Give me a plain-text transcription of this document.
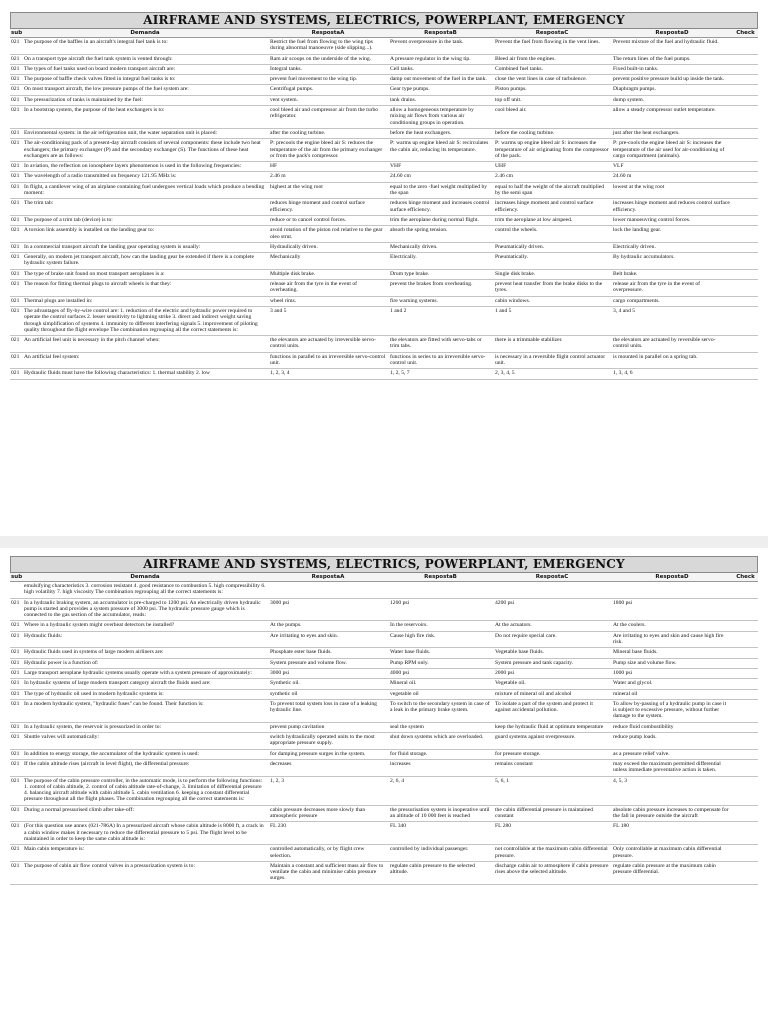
AIRFRAME AND SYSTEMS, ELECTRICS, POWERPLANT, EMERGENCY
sub	Demanda	RespostaA	RespostaB	RespostaC	RespostaD	Check
021	The purpose of the baffles in an aircraft's integral fuel tank is to:	Restrict the fuel from flowing to the wing tips during abnormal manoeuvre (side slipping...).	Prevent overpressure in the tank.	Prevent the fuel from flowing in the vent lines.	Prevent mixture of the fuel and hydraulic fluid.	
021	On a transport type aircraft the fuel tank system is vented through:	Ram air scoops on the underside of the wing.	A pressure regulator in the wing tip.	Bleed air from the engines.	The return lines of the fuel pumps.	
021	The types of fuel tanks used on board modern transport aircraft are:	Integral tanks.	Cell tanks.	Combined fuel tanks.	Fixed built-in tanks.	
021	The purpose of baffle check valves fitted in integral fuel tanks is to:	prevent fuel movement to the wing tip.	damp out movement of the fuel in the tank.	close the vent lines in case of turbulence.	prevent positive pressure build up inside the tank.	
021	On most transport aircraft, the low pressure pumps of the fuel system are:	Centrifugal pumps.	Gear type pumps.	Piston pumps.	Diaphragm pumps.	
021	The pressurization of tanks is maintained by the fuel:	vent system.	tank drains.	top off unit.	dump system.	
021	In a bootstrap system, the purpose of the heat exchangers is to:	cool bleed air and compressor air from the turbo refrigerator.	allow a homogeneous temperature by mixing air flows from various air conditioning groups in operation.	cool bleed air.	allow a steady compressor outlet temperature.	
021	Environmental system: in the air refrigeration unit, the water separation unit is placed:	after the cooling turbine.	before the heat exchangers.	before the cooling turbine.	just after the heat exchangers.	
021	The air-conditioning pack of a present-day aircraft consists of several components: these include two heat exchangers; the primary exchanger (P) and the secondary exchanger (S). The functions of these heat exchangers are as follows:	P: precools the engine bleed air S: reduces the temperature of the air from the primary exchanger or from the pack's compressor.	P: warms up engine bleed air S: recirculates the cabin air, reducing its temperature.	P: warms up engine bleed air S: increases the temperature of air originating from the compressor of the pack.	P: pre-cools the engine bleed air S: increases the temperature of the air used for air-conditioning of cargo compartment (animals).	
021	In aviation, the reflection on ionosphere layers phenomenon is used in the following frequencies:	HF	VHF	UHF	VLF	
021	The wavelength of a radio transmitted on frequency 121.95 MHz is:	2.46 m	24.60 cm	2.46 cm	24.60 m	
021	In flight, a cantilever wing of an airplane containing fuel undergoes vertical loads which produce a bending moment:	highest at the wing root	equal to the zero -fuel weight multiplied by the span	equal to half the weight of the aircraft multiplied by the semi span	lowest at the wing root	
021	The trim tab:	reduces hinge moment and control surface efficiency.	reduces hinge moment and increases control surface efficiency.	increases hinge moment and control surface efficiency.	increases hinge moment and reduces control surface efficiency.	
021	The purpose of a trim tab (device) is to:	reduce or to cancel control forces.	trim the aeroplane during normal flight.	trim the aeroplane at low airspeed.	lower manoeuvring control forces.	
021	A torsion link assembly is installed on the landing gear to:	avoid rotation of the piston rod relative to the gear oleo strut.	absorb the spring tension.	control the wheels.	lock the landing gear.	
021	In a commercial transport aircraft the landing gear operating system is usually:	Hydraulically driven.	Mechanically driven.	Pneumatically driven.	Electrically driven.	
021	Generally, on modern jet transport aircraft, how can the landing gear be extended if there is a complete hydraulic system failure.	Mechanically	Electrically.	Pneumatically.	By hydraulic accumulators.	
021	The type of brake unit found on most transport aeroplanes is a:	Multiple disk brake.	Drum type brake.	Single disk brake.	Belt brake.	
021	The reason for fitting thermal plugs to aircraft wheels is that they:	release air from the tyre in the event of overheating.	prevent the brakes from overheating.	prevent heat transfer from the brake disks to the tyres.	release air from the tyre in the event of overpressure.	
021	Thermal plugs are installed in:	wheel rims.	fire warning systems.	cabin windows.	cargo compartments.	
021	The advantages of fly-by-wire control are: 1. reduction of the electric and hydraulic power required to operate the control surfaces 2. lesser sensitivity to lightning strike 3. direct and indirect weight saving through simplification of systems 4. immunity to different interfering signals 5. improvement of piloting quality throughout the flight envelope The combination regrouping all the correct statements is:	3 and 5	1 and 2	1 and 5	3, 4 and 5	
021	An artificial feel unit is necessary in the pitch channel when:	the elevators are actuated by irreversible servo-control units.	the elevators are fitted with servo-tabs or trim tabs.	there is a trimmable stabilizer.	the elevators are actuated by reversible servo-control units.	
021	An artificial feel system:	functions in parallel to an irreversible servo-control unit.	functions in series to an irreversible servo-control unit.	is necessary in a reversible flight control actuator unit.	is mounted in parallel on a spring tab.	
021	Hydraulic fluids must have the following characteristics: 1. thermal stability 2. low	1, 2, 3, 4	1, 2, 5, 7	2, 3, 4, 5	1, 3, 4, 6	
AIRFRAME AND SYSTEMS, ELECTRICS, POWERPLANT, EMERGENCY
sub	Demanda	RespostaA	RespostaB	RespostaC	RespostaD	Check
	emulsifying characteristics 3. corrosion resistant 4. good resistance to combustion 5. high compressibility 6. high volatility 7. high viscosity The combination regrouping all the correct statements is:					
021	In a hydraulic braking system, an accumulator is pre-charged to 1200 psi. An electrically driven hydraulic pump is started and provides a system pressure of 3000 psi. The hydraulic pressure gauge which is connected to the gas section of the accumulator, reads:	3000 psi	1200 psi	4200 psi	1800 psi	
021	Where in a hydraulic system might overheat detectors be installed?	At the pumps.	In the reservoirs.	At the actuators.	At the coolers.	
021	Hydraulic fluids:	Are irritating to eyes and skin.	Cause high fire risk.	Do not require special care.	Are irritating to eyes and skin and cause high fire risk.	
021	Hydraulic fluids used in systems of large modern airliners are:	Phosphate ester base fluids.	Water base fluids.	Vegetable base fluids.	Mineral base fluids.	
021	Hydraulic power is a function of:	System pressure and volume flow.	Pump RPM only.	System pressure and tank capacity.	Pump size and volume flow.	
021	Large transport aeroplane hydraulic systems usually operate with a system pressure of approximately:	3000 psi	4000 psi	2000 psi	1000 psi	
021	In hydraulic systems of large modern transport category aircraft the fluids used are:	Synthetic oil.	Mineral oil.	Vegetable oil.	Water and glycol.	
021	The type of hydraulic oil used in modern hydraulic systems is:	synthetic oil	vegetable oil	mixture of mineral oil and alcohol	mineral oil	
021	In a modern hydraulic system, "hydraulic fuses" can be found. Their function is:	To prevent total system loss in case of a leaking hydraulic line.	To switch to the secondary system in case of a leak in the primary brake system.	To isolate a part of the system and protect it against accidental pollution.	To allow by-passing of a hydraulic pump in case it is subject to excessive pressure, without further damage to the system.	
021	In a hydraulic system, the reservoir is pressurized in order to:	prevent pump cavitation	seal the system	keep the hydraulic fluid at optimum temperature	reduce fluid combustibility	
021	Shuttle valves will automatically:	switch hydraulically operated units to the most appropriate pressure supply.	shut down systems which are overloaded.	guard systems against overpressure.	reduce pump loads.	
021	In addition to energy storage, the accumulator of the hydraulic system is used:	for damping pressure surges in the system.	for fluid storage.	for pressure storage.	as a pressure relief valve.	
021	If the cabin altitude rises (aircraft in level flight), the differential pressure:	decreases	increases	remains constant	may exceed the maximum permitted differential unless immediate preventative action is taken.	
021	The purpose of the cabin pressure controller, in the automatic mode, is to perform the following functions: 1. control of cabin altitude, 2. control of cabin altitude rate-of-change, 3. limitation of differential pressure 4. balancing aircraft altitude with cabin altitude 5. cabin ventilation 6. keeping a constant differential pressure throughout all the flight phases. The combination regrouping all the correct statements is:	1, 2, 3	2, 6, 4	5, 6, 1	4, 5, 3	
021	During a normal pressurised climb after take-off:	cabin pressure decreases more slowly than atmospheric pressure	the pressurisation system is inoperative until an altitude of 10 000 feet is reached	the cabin differential pressure is maintained constant	absolute cabin pressure increases to compensate for the fall in pressure outside the aircraft	
021	(For this question use annex (021-786A) In a pressurized aircraft whose cabin altitude is 8000 ft, a crack in a cabin window makes it necessary to reduce the differential pressure to 5 psi. The flight level to be maintained in order to keep the same cabin altitude is:	FL 230	FL 340	FL 280	FL 180	
021	Main cabin temperature is:	controlled automatically, or by flight crew selection.	controlled by individual passenger.	not controllable at the maximum cabin differential pressure.	Only controllable at maximum cabin differential pressure.	
021	The purpose of cabin air flow control valves in a pressurization system is to:	Maintain a constant and sufficient mass air flow to ventilate the cabin and minimise cabin pressure surges.	regulate cabin pressure to the selected altitude.	discharge cabin air to atmosphere if cabin pressure rises above the selected altitude.	regulate cabin pressure at the maximum cabin pressure differential.	
